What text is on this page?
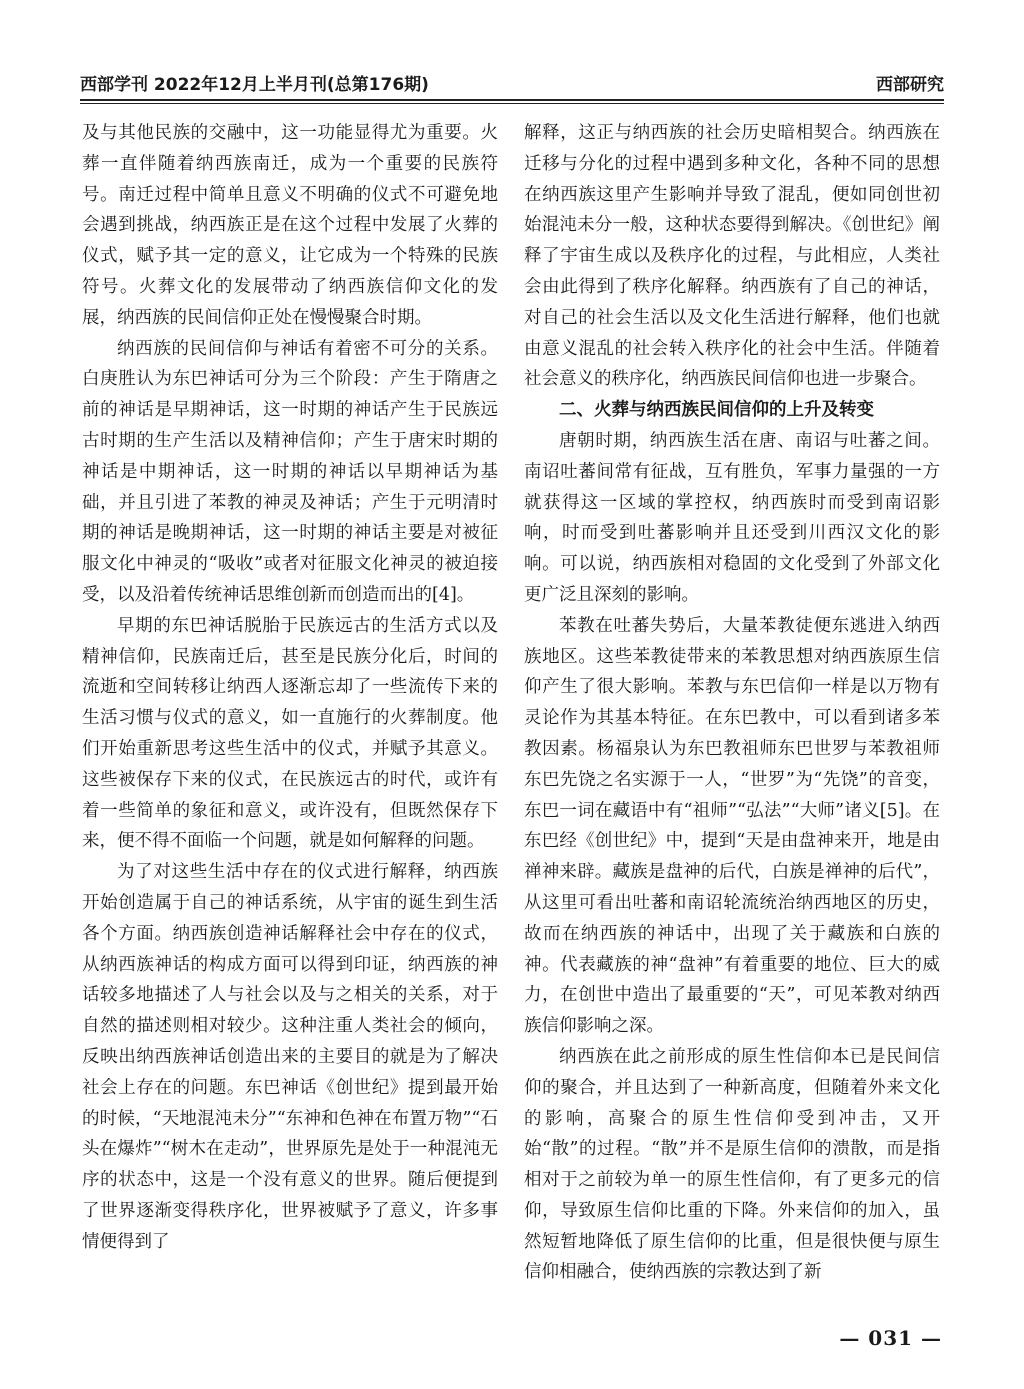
西部学刊 2022年12月上半月刊(总第176期)	西部研究

及与其他民族的交融中，这一功能显得尤为重要。火葬一直伴随着纳西族南迁，成为一个重要的民族符号。南迁过程中简单且意义不明确的仪式不可避免地会遇到挑战，纳西族正是在这个过程中发展了火葬的仪式，赋予其一定的意义，让它成为一个特殊的民族符号。火葬文化的发展带动了纳西族信仰文化的发展，纳西族的民间信仰正处在慢慢聚合时期。

纳西族的民间信仰与神话有着密不可分的关系。白庚胜认为东巴神话可分为三个阶段：产生于隋唐之前的神话是早期神话，这一时期的神话产生于民族远古时期的生产生活以及精神信仰；产生于唐宋时期的神话是中期神话，这一时期的神话以早期神话为基础，并且引进了苯教的神灵及神话；产生于元明清时期的神话是晚期神话，这一时期的神话主要是对被征服文化中神灵的“吸收”或者对征服文化神灵的被迫接受，以及沿着传统神话思维创新而创造而出的[4]。

早期的东巴神话脱胎于民族远古的生活方式以及精神信仰，民族南迁后，甚至是民族分化后，时间的流逝和空间转移让纳西人逐渐忘却了一些流传下来的生活习惯与仪式的意义，如一直施行的火葬制度。他们开始重新思考这些生活中的仪式，并赋予其意义。这些被保存下来的仪式，在民族远古的时代，或许有着一些简单的象征和意义，或许没有，但既然保存下来，便不得不面临一个问题，就是如何解释的问题。

为了对这些生活中存在的仪式进行解释，纳西族开始创造属于自己的神话系统，从宇宙的诞生到生活各个方面。纳西族创造神话解释社会中存在的仪式，从纳西族神话的构成方面可以得到印证，纳西族的神话较多地描述了人与社会以及与之相关的关系，对于自然的描述则相对较少。这种注重人类社会的倾向，反映出纳西族神话创造出来的主要目的就是为了解决社会上存在的问题。东巴神话《创世纪》提到最开始的时候，“天地混沌未分”“东神和色神在布置万物”“石头在爆炸”“树木在走动”，世界原先是处于一种混沌无序的状态中，这是一个没有意义的世界。随后便提到了世界逐渐变得秩序化，世界被赋予了意义，许多事情便得到了

解释，这正与纳西族的社会历史暗相契合。纳西族在迁移与分化的过程中遇到多种文化，各种不同的思想在纳西族这里产生影响并导致了混乱，便如同创世初始混沌未分一般，这种状态要得到解决。《创世纪》阐释了宇宙生成以及秩序化的过程，与此相应，人类社会由此得到了秩序化解释。纳西族有了自己的神话，对自己的社会生活以及文化生活进行解释，他们也就由意义混乱的社会转入秩序化的社会中生活。伴随着社会意义的秩序化，纳西族民间信仰也进一步聚合。

二、火葬与纳西族民间信仰的上升及转变

唐朝时期，纳西族生活在唐、南诏与吐蕃之间。南诏吐蕃间常有征战，互有胜负，军事力量强的一方就获得这一区域的掌控权，纳西族时而受到南诏影响，时而受到吐蕃影响并且还受到川西汉文化的影响。可以说，纳西族相对稳固的文化受到了外部文化更广泛且深刻的影响。

苯教在吐蕃失势后，大量苯教徒便东逃进入纳西族地区。这些苯教徒带来的苯教思想对纳西族原生信仰产生了很大影响。苯教与东巴信仰一样是以万物有灵论作为其基本特征。在东巴教中，可以看到诸多苯教因素。杨福泉认为东巴教祖师东巴世罗与苯教祖师东巴先饶之名实源于一人，“世罗”为“先饶”的音变，东巴一词在藏语中有“祖师”“弘法”“大师”诸义[5]。在东巴经《创世纪》中，提到“天是由盘神来开，地是由禅神来辟。藏族是盘神的后代，白族是禅神的后代”，从这里可看出吐蕃和南诏轮流统治纳西地区的历史，故而在纳西族的神话中，出现了关于藏族和白族的神。代表藏族的神“盘神”有着重要的地位、巨大的威力，在创世中造出了最重要的“天”，可见苯教对纳西族信仰影响之深。

纳西族在此之前形成的原生性信仰本已是民间信仰的聚合，并且达到了一种新高度，但随着外来文化的影响，高聚合的原生性信仰受到冲击，又开始“散”的过程。“散”并不是原生信仰的溃散，而是指相对于之前较为单一的原生性信仰，有了更多元的信仰，导致原生信仰比重的下降。外来信仰的加入，虽然短暂地降低了原生信仰的比重，但是很快便与原生信仰相融合，使纳西族的宗教达到了新

— 031 —
